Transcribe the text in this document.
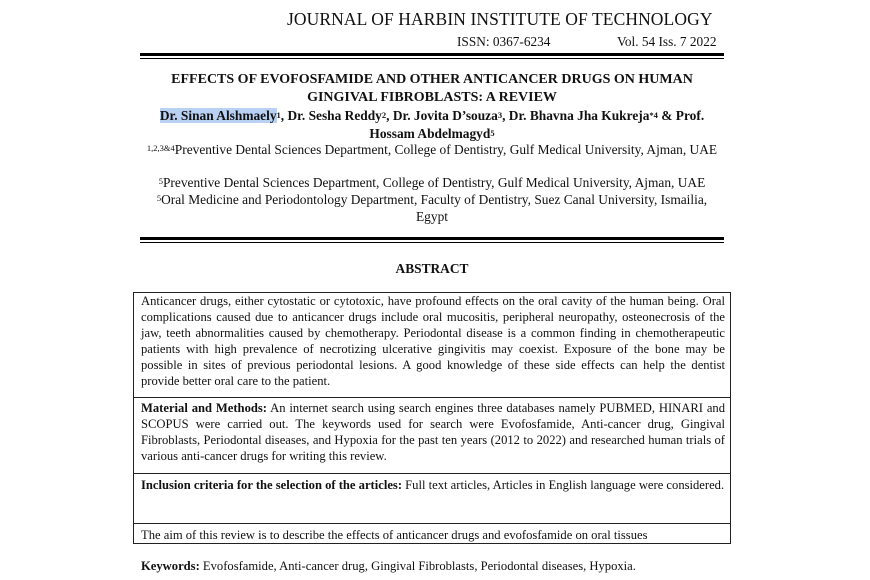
JOURNAL OF HARBIN INSTITUTE OF TECHNOLOGY
ISSN: 0367-6234	Vol. 54 Iss. 7 2022
EFFECTS OF EVOFOSFAMIDE AND OTHER ANTICANCER DRUGS ON HUMAN GINGIVAL FIBROBLASTS: A REVIEW
Dr. Sinan Alshmaely$^1$, Dr. Sesha Reddy$^2$, Dr. Jovita D’souza$^3$, Dr. Bhavna Jha Kukreja$^{*4}$ & Prof. Hossam Abdelmagyd$^5$
$^{1,2,3\&4}$Preventive Dental Sciences Department, College of Dentistry, Gulf Medical University, Ajman, UAE
$^5$Preventive Dental Sciences Department, College of Dentistry, Gulf Medical University, Ajman, UAE
$^5$Oral Medicine and Periodontology Department, Faculty of Dentistry, Suez Canal University, Ismailia, Egypt
ABSTRACT
Anticancer drugs, either cytostatic or cytotoxic, have profound effects on the oral cavity of the human being. Oral complications caused due to anticancer drugs include oral mucositis, peripheral neuropathy, osteonecrosis of the jaw, teeth abnormalities caused by chemotherapy. Periodontal disease is a common finding in chemotherapeutic patients with high prevalence of necrotizing ulcerative gingivitis may coexist. Exposure of the bone may be possible in sites of previous periodontal lesions. A good knowledge of these side effects can help the dentist provide better oral care to the patient.
Material and Methods: An internet search using search engines three databases namely PUBMED, HINARI and SCOPUS were carried out. The keywords used for search were Evofosfamide, Anti-cancer drug, Gingival Fibroblasts, Periodontal diseases, and Hypoxia for the past ten years (2012 to 2022) and researched human trials of various anti-cancer drugs for writing this review.
Inclusion criteria for the selection of the articles: Full text articles, Articles in English language were considered.
The aim of this review is to describe the effects of anticancer drugs and evofosfamide on oral tissues
Keywords: Evofosfamide, Anti-cancer drug, Gingival Fibroblasts, Periodontal diseases, Hypoxia.
